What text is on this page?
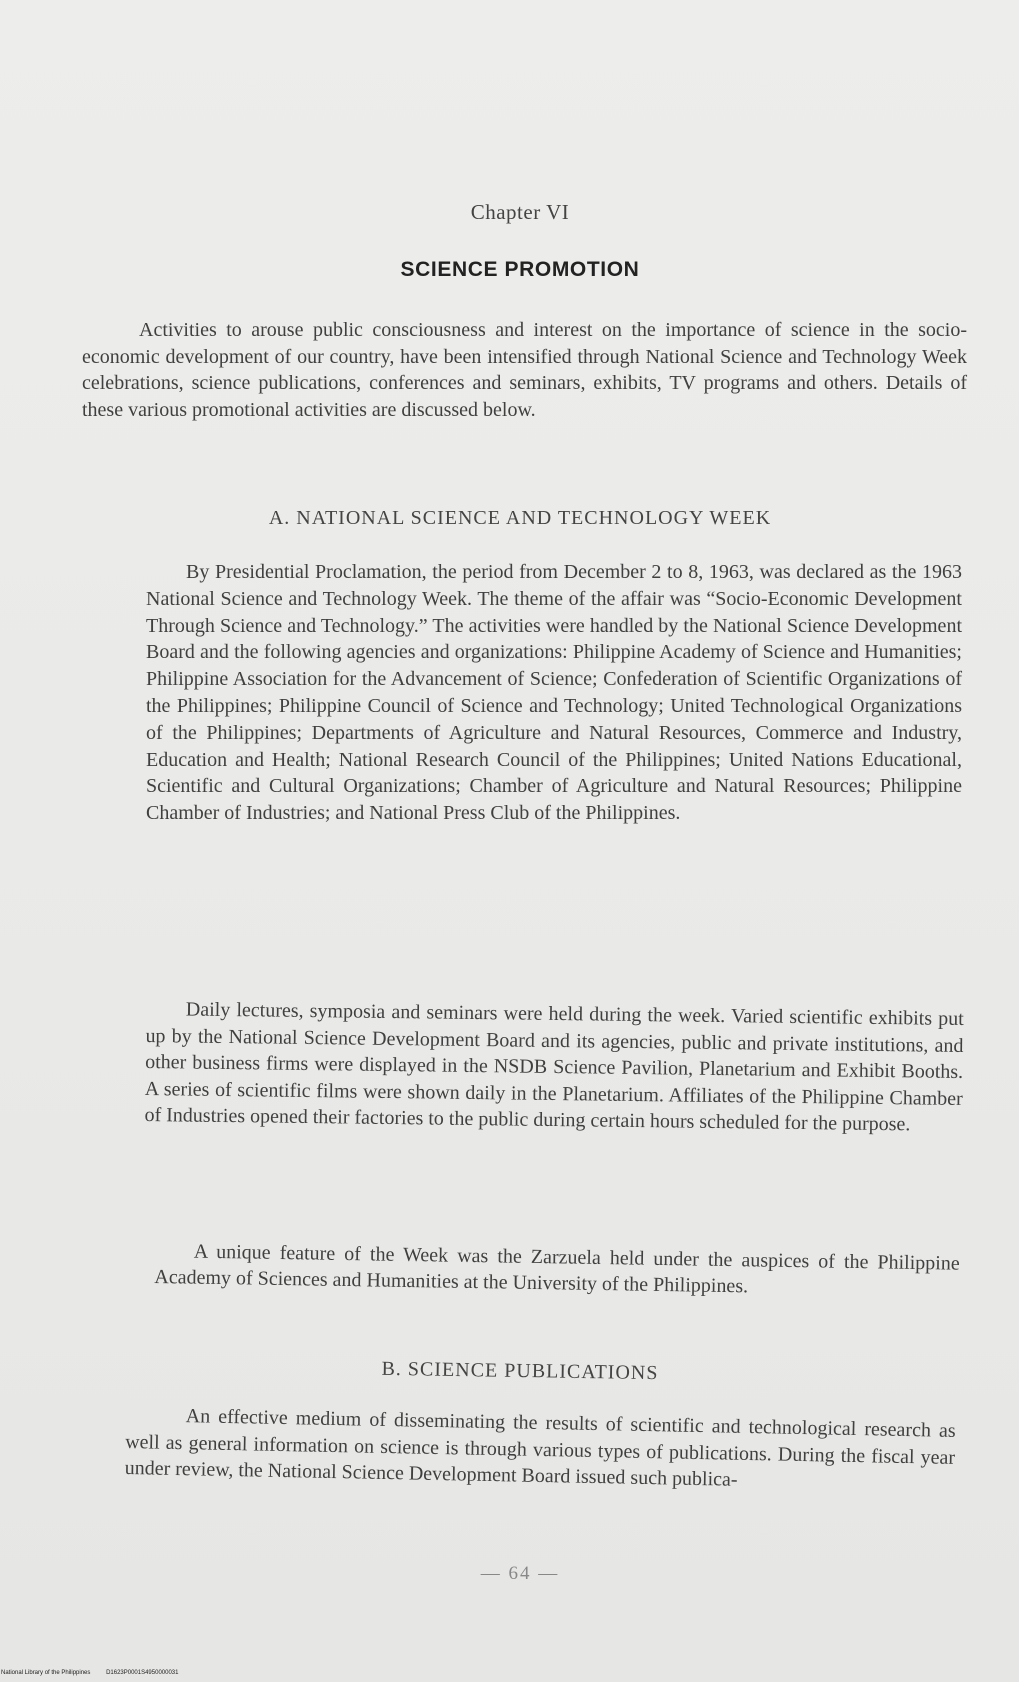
Chapter VI
SCIENCE PROMOTION

Activities to arouse public consciousness and interest on the importance of science in the socio-economic development of our country, have been intensified through National Science and Technology Week celebrations, science publications, conferences and seminars, exhibits, TV programs and others. Details of these various promotional activities are discussed below.

A. NATIONAL SCIENCE AND TECHNOLOGY WEEK

By Presidential Proclamation, the period from December 2 to 8, 1963, was declared as the 1963 National Science and Technology Week. The theme of the affair was “Socio-Economic Development Through Science and Technology.” The activities were handled by the National Science Development Board and the following agencies and organizations: Philippine Academy of Science and Humanities; Philippine Association for the Advancement of Science; Confederation of Scientific Organizations of the Philippines; Philippine Council of Science and Technology; United Technological Organizations of the Philippines; Departments of Agriculture and Natural Resources, Commerce and Industry, Education and Health; National Research Council of the Philippines; United Nations Educational, Scientific and Cultural Organizations; Chamber of Agriculture and Natural Resources; Philippine Chamber of Industries; and National Press Club of the Philippines.

Daily lectures, symposia and seminars were held during the week. Varied scientific exhibits put up by the National Science Development Board and its agencies, public and private institutions, and other business firms were displayed in the NSDB Science Pavilion, Planetarium and Exhibit Booths. A series of scientific films were shown daily in the Planetarium. Affiliates of the Philippine Chamber of Industries opened their factories to the public during certain hours scheduled for the purpose.

A unique feature of the Week was the Zarzuela held under the auspices of the Philippine Academy of Sciences and Humanities at the University of the Philippines.

B. SCIENCE PUBLICATIONS

An effective medium of disseminating the results of scientific and technological research as well as general information on science is through various types of publications. During the fiscal year under review, the National Science Development Board issued such publica-

— 64 —
National Library of the Philippines	D1623P0001S4950000031
